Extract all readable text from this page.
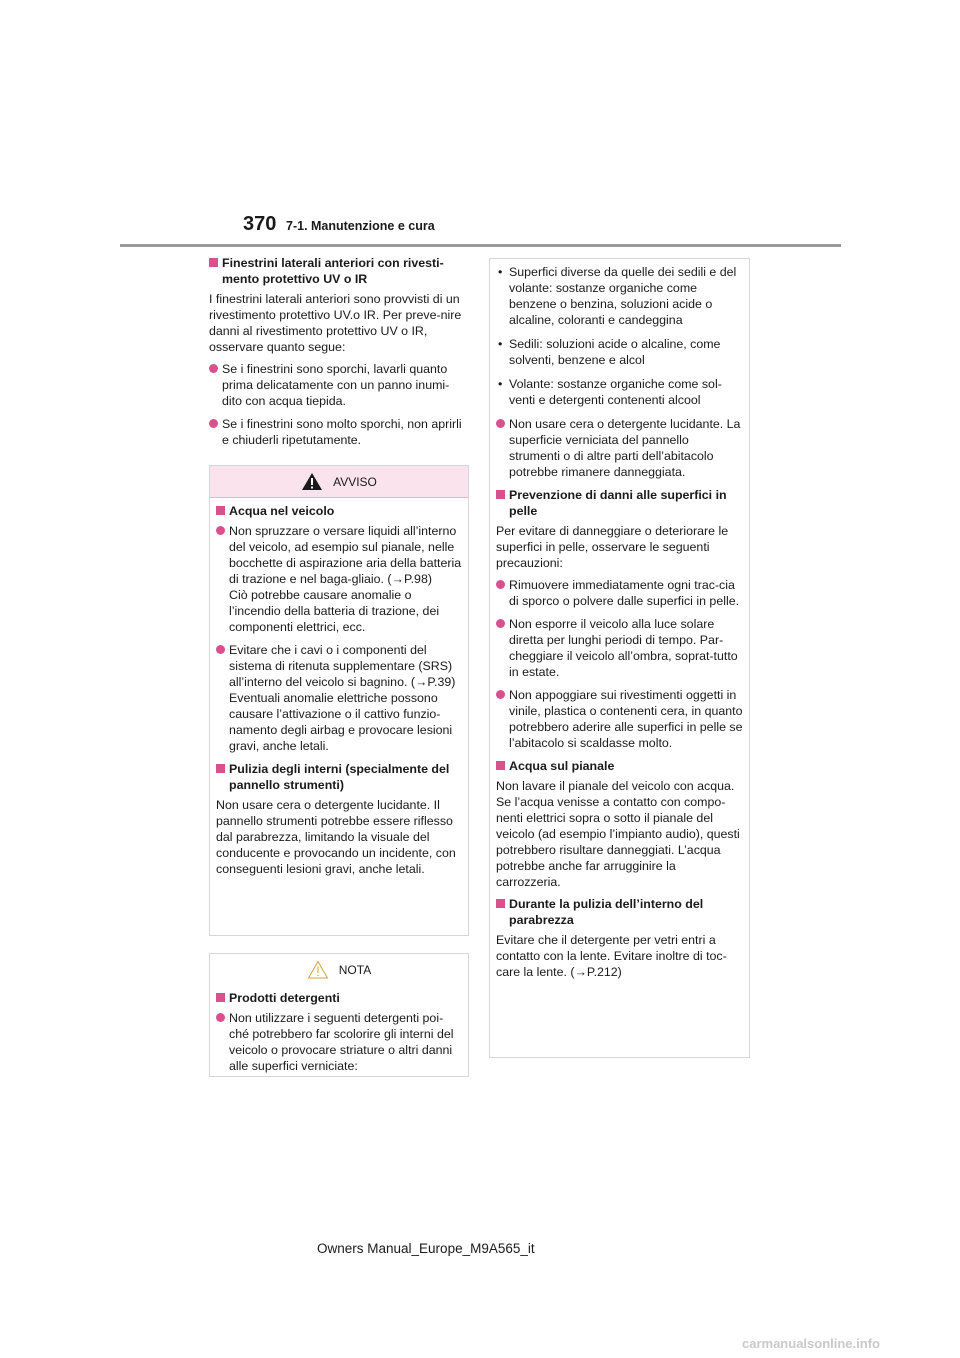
370 7-1. Manutenzione e cura
Finestrini laterali anteriori con rivesti-mento protettivo UV o IR

I finestrini laterali anteriori sono provvisti di un rivestimento protettivo UV.o IR. Per preve-nire danni al rivestimento protettivo UV o IR, osservare quanto segue:

Se i finestrini sono sporchi, lavarli quanto prima delicatamente con un panno inumi-dito con acqua tiepida.
Se i finestrini sono molto sporchi, non aprirli e chiuderli ripetutamente.
AVVISO
Acqua nel veicolo
Non spruzzare o versare liquidi all’interno del veicolo, ad esempio sul pianale, nelle bocchette di aspirazione aria della batteria di trazione e nel baga-gliaio. (→P.98)
Ciò potrebbe causare anomalie o l’incendio della batteria di trazione, dei componenti elettrici, ecc.
Evitare che i cavi o i componenti del sistema di ritenuta supplementare (SRS) all’interno del veicolo si bagnino. (→P.39)
Eventuali anomalie elettriche possono causare l’attivazione o il cattivo funzio-namento degli airbag e provocare lesioni gravi, anche letali.
Pulizia degli interni (specialmente del pannello strumenti)

Non usare cera o detergente lucidante. Il pannello strumenti potrebbe essere riflesso dal parabrezza, limitando la visuale del conducente e provocando un incidente, con conseguenti lesioni gravi, anche letali.

NOTA
Prodotti detergenti
Non utilizzare i seguenti detergenti poi-ché potrebbero far scolorire gli interni del veicolo o provocare striature o altri danni alle superfici verniciate:
• Superfici diverse da quelle dei sedili e del volante: sostanze organiche come benzene o benzina, soluzioni acide o alcaline, coloranti e candeggina
• Sedili: soluzioni acide o alcaline, come solventi, benzene e alcol
• Volante: sostanze organiche come sol-venti e detergenti contenenti alcool
Non usare cera o detergente lucidante. La superficie verniciata del pannello strumenti o di altre parti dell’abitacolo potrebbe rimanere danneggiata.
Prevenzione di danni alle superfici in pelle

Per evitare di danneggiare o deteriorare le superfici in pelle, osservare le seguenti precauzioni:

Rimuovere immediatamente ogni trac-cia di sporco o polvere dalle superfici in pelle.
Non esporre il veicolo alla luce solare diretta per lunghi periodi di tempo. Par-cheggiare il veicolo all’ombra, soprat-tutto in estate.
Non appoggiare sui rivestimenti oggetti in vinile, plastica o contenenti cera, in quanto potrebbero aderire alle superfici in pelle se l’abitacolo si scaldasse molto.
Acqua sul pianale

Non lavare il pianale del veicolo con acqua.

Se l’acqua venisse a contatto con compo-nenti elettrici sopra o sotto il pianale del veicolo (ad esempio l’impianto audio), questi potrebbero risultare danneggiati. L’acqua potrebbe anche far arrugginire la carrozzeria.

Durante la pulizia dell’interno del parabrezza

Evitare che il detergente per vetri entri a contatto con la lente. Evitare inoltre di toc-care la lente. (→P.212)

Owners Manual_Europe_M9A565_it
carmanualsonline.info
